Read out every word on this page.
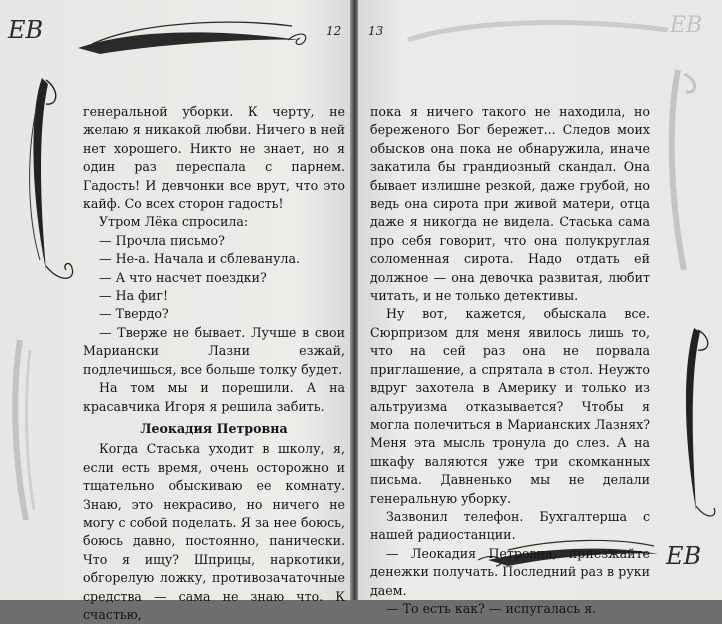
12
ЕВ

генеральной уборки. К черту, не желаю я никакой любви. Ничего в ней нет хорошего. Никто не знает, но я один раз переспала с парнем. Гадость! И девчонки все врут, что это кайф. Со всех сторон гадость!

Утром Лёка спросила:

— Прочла письмо?

— Не-а. Начала и сблеванула.

— А что насчет поездки?

— На фиг!

— Твердо?

— Тверже не бывает. Лучше в свои Мариански Лазни езжай, подлечишься, все больше толку будет.

На том мы и порешили. А на красавчика Игоря я решила забить.

Леокадия Петровна

Когда Стаська уходит в школу, я, если есть время, очень осторожно и тщательно обыскиваю ее комнату. Знаю, это некрасиво, но ничего не могу с собой поделать. Я за нее боюсь, боюсь давно, постоянно, панически. Что я ищу? Шприцы, наркотики, обгорелую ложку, противозачаточные средства — сама не знаю что. К счастью,

13	ЕВ
ЕВ

пока я ничего такого не находила, но береженого Бог бережет... Следов моих обысков она пока не обнаружила, иначе закатила бы грандиозный скандал. Она бывает излишне резкой, даже грубой, но ведь она сирота при живой матери, отца даже я никогда не видела. Стаська сама про себя говорит, что она полукруглая соломенная сирота. Надо отдать ей должное — она девочка развитая, любит читать, и не только детективы.

Ну вот, кажется, обыскала все. Сюрпризом для меня явилось лишь то, что на сей раз она не порвала приглашение, а спрятала в стол. Неужто вдруг захотела в Америку и только из альтруизма отказывается? Чтобы я могла полечиться в Марианских Лазнях? Меня эта мысль тронула до слез. А на шкафу валяются уже три скомканных письма. Давненько мы не делали генеральную уборку.

Зазвонил телефон. Бухгалтерша с нашей радиостанции.

— Леокадия Петровна, приезжайте денежки получать. Последний раз в руки даем.

— То есть как? — испугалась я.
